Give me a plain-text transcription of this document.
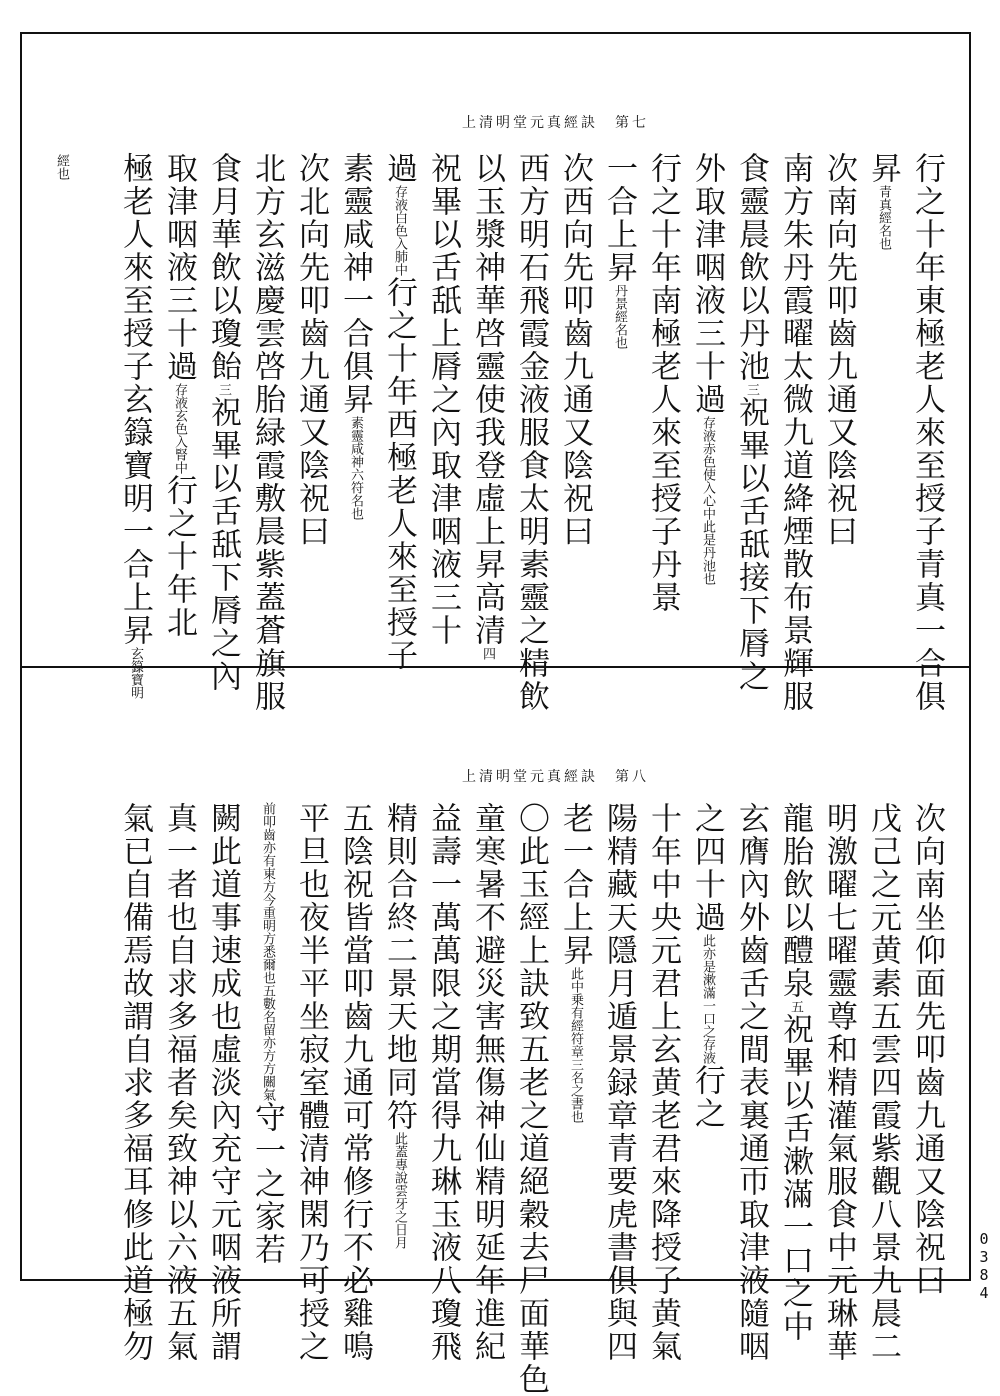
上清明堂元真經訣　第七
經也	行之十年東極老人來至授子青真一合俱
昇青真經名也
次南向先叩齒九通又陰祝曰
南方朱丹霞曜太微九道絳煙散布景輝服
食靈晨飲以丹池三祝畢以舌舐接下脣之
外取津咽液三十過存液赤色使入心中此是丹池也
行之十年南極老人來至授子丹景
一合上昇丹景經名也
次西向先叩齒九通又陰祝曰
西方明石飛霞金液服食太明素靈之精飲
以玉漿神華啓靈使我登虛上昇高清四
祝畢以舌舐上脣之內取津咽液三十
過存液白色入肺中行之十年西極老人來至授子
素靈咸神一合俱昇素靈咸神六符名也
次北向先叩齒九通又陰祝曰
北方玄滋慶雲啓胎緑霞敷晨紫蓋蒼旗服
食月華飲以瓊飴三祝畢以舌舐下脣之內
取津咽液三十過存液玄色入腎中行之十年北
極老人來至授子玄籙寶明一合上昇玄籙寶明
上清明堂元真經訣　第八
次向南坐仰面先叩齒九通又陰祝曰
戊己之元黄素五雲四霞紫觀八景九晨二
明激曜七曜靈尊和精灌氣服食中元琳華
龍胎飲以醴泉五祝畢以舌漱滿一口之中
玄膺內外齒舌之間表裏通帀取津液隨咽
之四十過此亦是漱滿一口之存液行之
十年中央元君上玄黄老君來降授子黄氣
陽精藏天隱月遁景録章青要虎書俱與四
老一合上昇此中乗有經符章三名之書也
〇此玉經上訣致五老之道絕穀去尸面華色
童寒暑不避災害無傷神仙精明延年進紀
益壽一萬萬限之期當得九琳玉液八瓊飛
精則合終二景天地同符此蓋專說雲牙之日月
五陰祝皆當叩齒九通可常修行不必雞鳴
平旦也夜半平坐寂室體清神閑乃可授之
前叩齒亦有東方今重明方悉爾也五數名留亦方方關氣守一之家若
闕此道事速成也虛淡內充守元咽液所謂
真一者也自求多福者矣致神以六液五氣
氣已自備焉故謂自求多福耳修此道極勿	0384
